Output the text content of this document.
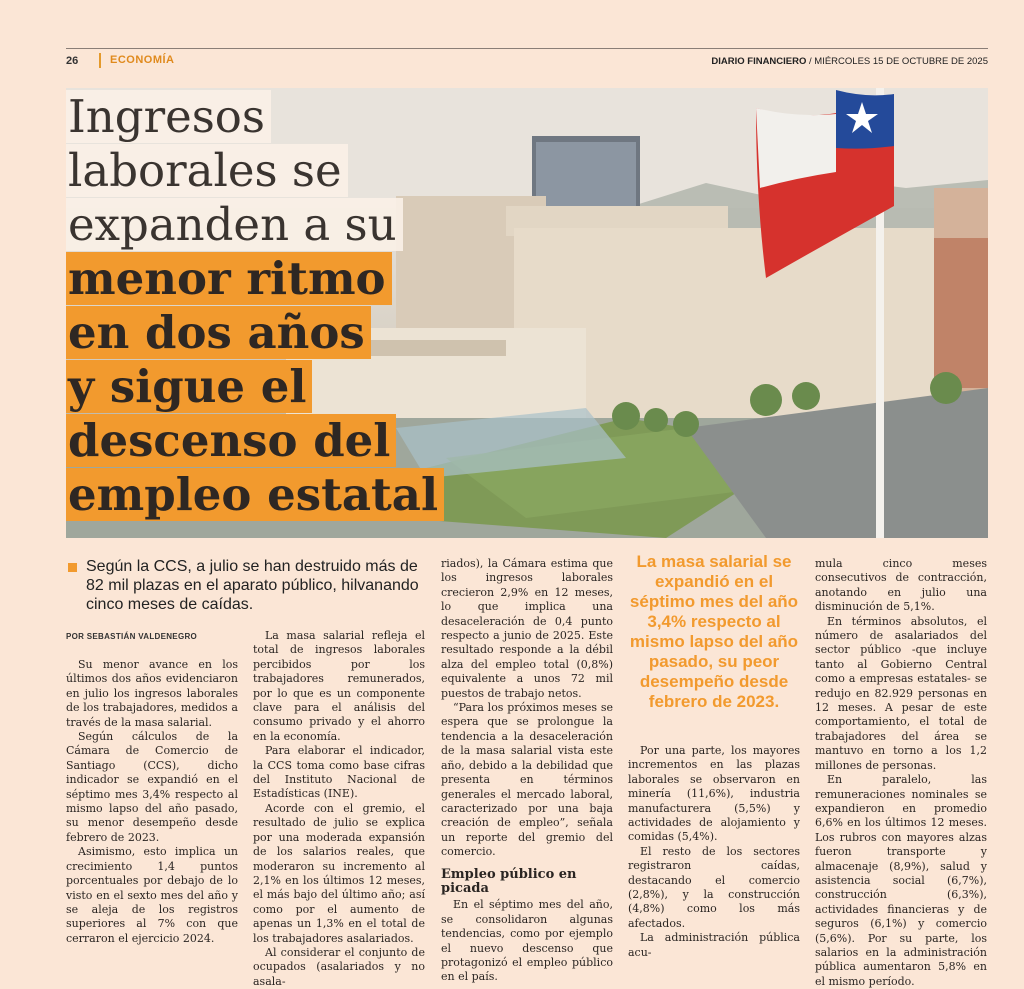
26	ECONOMÍA	DIARIO FINANCIERO / MIÉRCOLES 15 DE OCTUBRE DE 2025
Ingresos
laborales se
expanden a su
menor ritmo
en dos años
y sigue el
descenso del
empleo estatal
Según la CCS, a julio se han destruido más de 82 mil plazas en el aparato público, hilvanando cinco meses de caídas.
POR SEBASTIÁN VALDENEGRO

Su menor avance en los últimos dos años evidenciaron en julio los ingresos laborales de los trabajadores, medidos a través de la masa salarial.

Según cálculos de la Cámara de Comercio de Santiago (CCS), dicho indicador se expandió en el séptimo mes 3,4% respecto al mismo lapso del año pasado, su menor desempeño desde febrero de 2023.

Asimismo, esto implica un crecimiento 1,4 puntos porcentuales por debajo de lo visto en el sexto mes del año y se aleja de los registros superiores al 7% con que cerraron el ejercicio 2024.

La masa salarial refleja el total de ingresos laborales percibidos por los trabajadores remunerados, por lo que es un componente clave para el análisis del consumo privado y el ahorro en la economía.

Para elaborar el indicador, la CCS toma como base cifras del Instituto Nacional de Estadísticas (INE).

Acorde con el gremio, el resultado de julio se explica por una moderada expansión de los salarios reales, que moderaron su incremento al 2,1% en los últimos 12 meses, el más bajo del último año; así como por el aumento de apenas un 1,3% en el total de los trabajadores asalariados.

Al considerar el conjunto de ocupados (asalariados y no asala-

riados), la Cámara estima que los ingresos laborales crecieron 2,9% en 12 meses, lo que implica una desaceleración de 0,4 punto respecto a junio de 2025. Este resultado responde a la débil alza del empleo total (0,8%) equivalente a unos 72 mil puestos de trabajo netos.

“Para los próximos meses se espera que se prolongue la tendencia a la desaceleración de la masa salarial vista este año, debido a la debilidad que presenta en términos generales el mercado laboral, caracterizado por una baja creación de empleo”, señala un reporte del gremio del comercio.

Empleo público en picada

En el séptimo mes del año, se consolidaron algunas tendencias, como por ejemplo el nuevo descenso que protagonizó el empleo público en el país.

La masa salarial se expandió en el séptimo mes del año 3,4% respecto al mismo lapso del año pasado, su peor desempeño desde febrero de 2023.

Por una parte, los mayores incrementos en las plazas laborales se observaron en minería (11,6%), industria manufacturera (5,5%) y actividades de alojamiento y comidas (5,4%).

El resto de los sectores registraron caídas, destacando el comercio (2,8%), y la construcción (4,8%) como los más afectados.

La administración pública acu-

mula cinco meses consecutivos de contracción, anotando en julio una disminución de 5,1%.

En términos absolutos, el número de asalariados del sector público -que incluye tanto al Gobierno Central como a empresas estatales- se redujo en 82.929 personas en 12 meses. A pesar de este comportamiento, el total de trabajadores del área se mantuvo en torno a los 1,2 millones de personas.

En paralelo, las remuneraciones nominales se expandieron en promedio 6,6% en los últimos 12 meses. Los rubros con mayores alzas fueron transporte y almacenaje (8,9%), salud y asistencia social (6,7%), construcción (6,3%), actividades financieras y de seguros (6,1%) y comercio (5,6%). Por su parte, los salarios en la administración pública aumentaron 5,8% en el mismo período.
